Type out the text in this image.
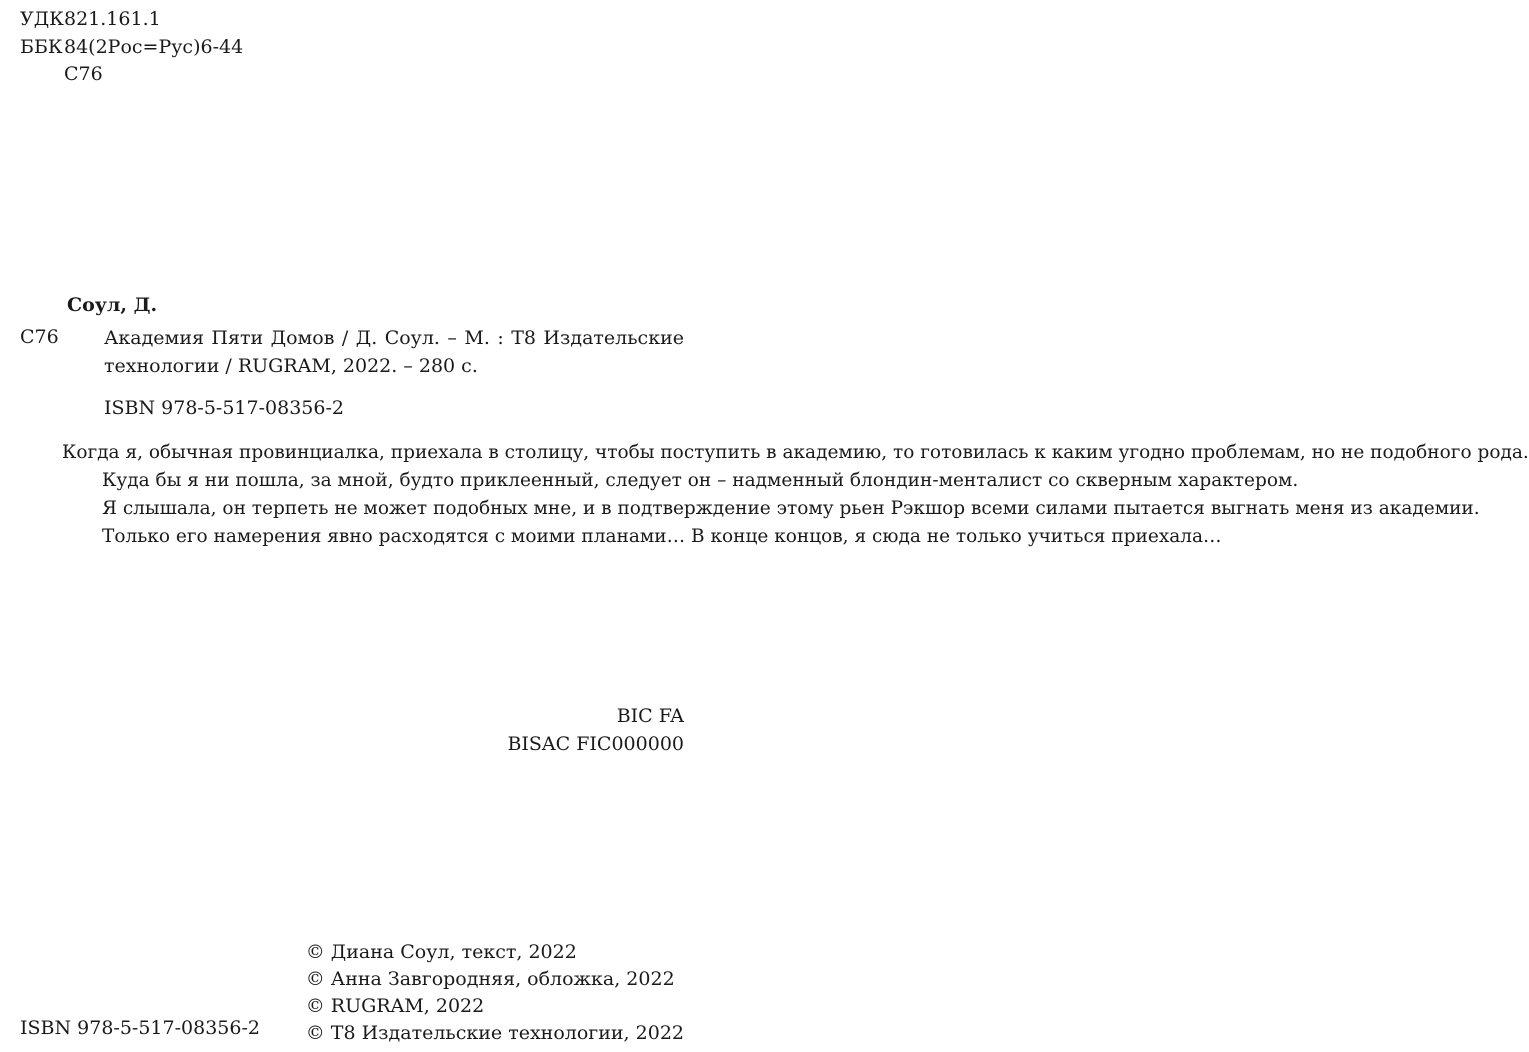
УДК 821.161.1
ББК 84(2Рос=Рус)6-44
С76
Соул, Д.
С76 Академия Пяти Домов / Д. Соул. – М. : Т8 Издательские технологии / RUGRAM, 2022. – 280 с.
ISBN 978-5-517-08356-2

Когда я, обычная провинциалка, приехала в столицу, чтобы поступить в академию, то готовилась к каким угодно проблемам, но не подобного рода.

Куда бы я ни пошла, за мной, будто приклеенный, следует он – надменный блондин-менталист со скверным характером.

Я слышала, он терпеть не может подобных мне, и в подтверждение этому рьен Рэкшор всеми силами пытается выгнать меня из академии.

Только его намерения явно расходятся с моими планами… В конце концов, я сюда не только учиться приехала…

BIC FA
BISAC FIC000000
ISBN 978-5-517-08356-2
© Диана Соул, текст, 2022
© Анна Завгородняя, обложка, 2022
© RUGRAM, 2022
© Т8 Издательские технологии, 2022
